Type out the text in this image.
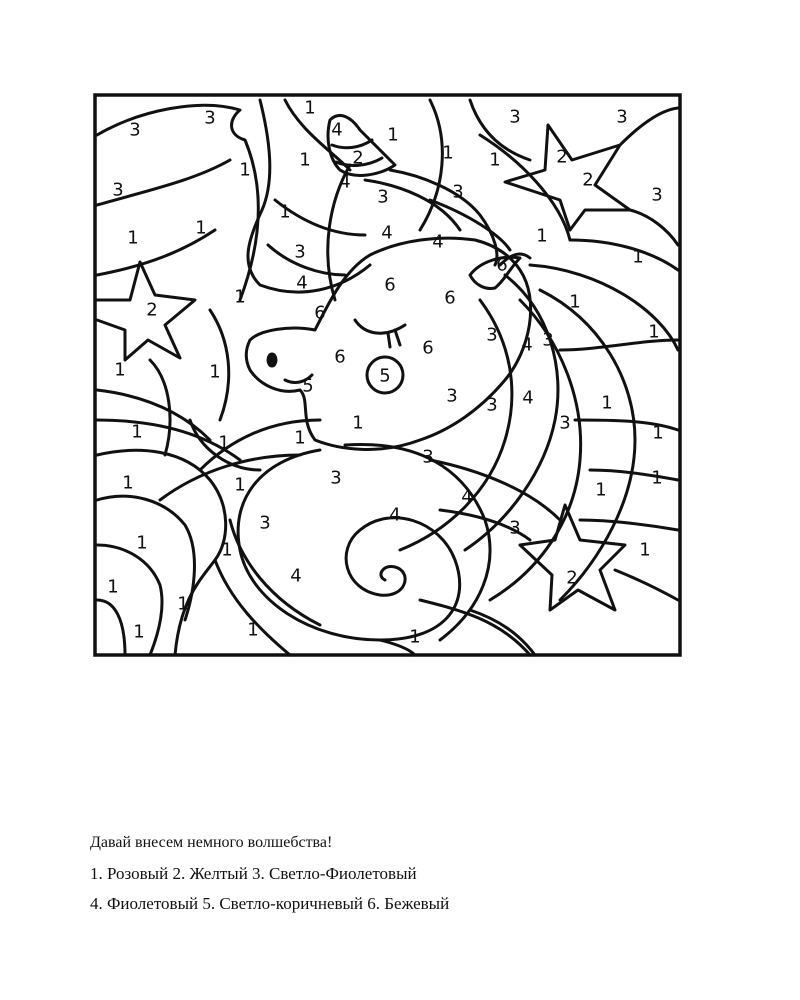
3
3	1
4 1
3	3
2
1	1 1	2
3	4
3	3
2
3
1
1
1	1
3
4 4
6
1
4	6
6
2
1	1
1
6
6
3 4 3
5	5
1
6
3 4
1	1
1
1
3
1	3
1	1	1
3
4
4
1	3
1	1
3	3
4	2
1	1
1
1
1
1
1	1	1
Давай внесем немного волшебства!
1. Розовый 2. Желтый 3. Светло-Фиолетовый
4. Фиолетовый 5. Светло-коричневый 6. Бежевый
